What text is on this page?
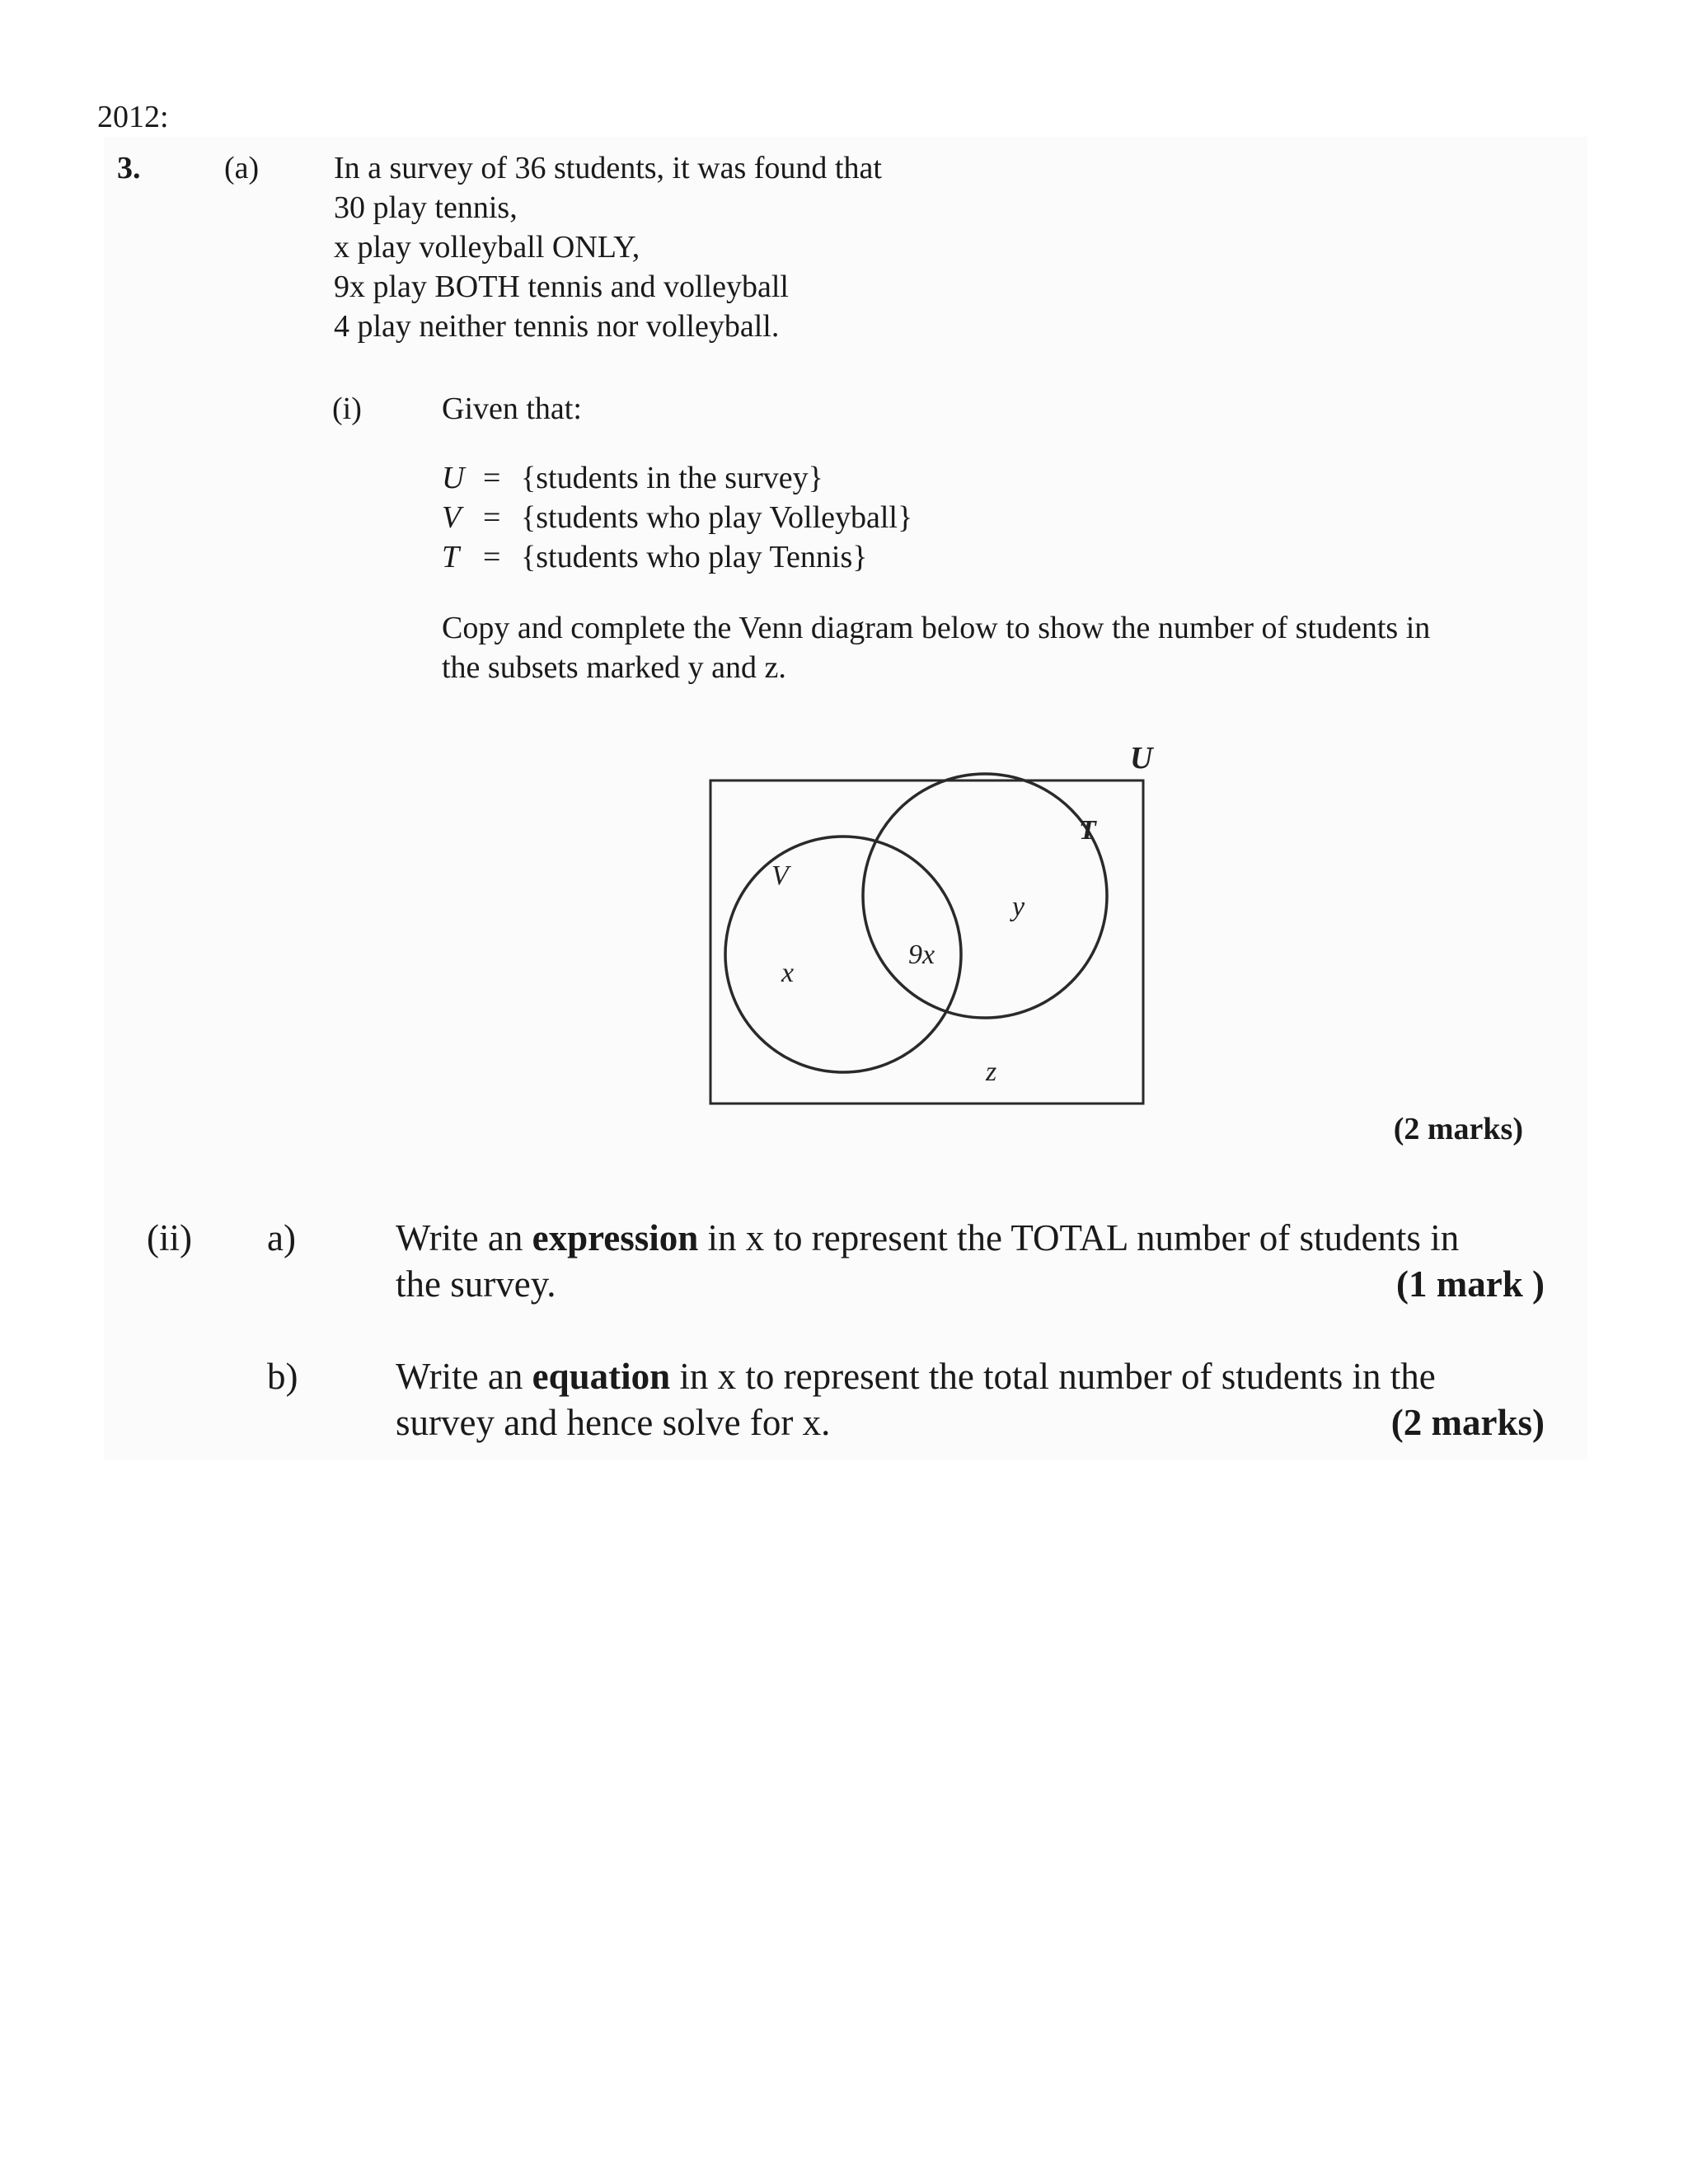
2012:
3.	(a) In a survey of 36 students, it was found that
30 play tennis,
x play volleyball ONLY,
9x play BOTH tennis and volleyball
4 play neither tennis nor volleyball.
(i)	Given that:
U = {students in the survey}
V = {students who play Volleyball}
T = {students who play Tennis}
Copy and complete the Venn diagram below to show the number of students in
the subsets marked y and z.
U
V
T
x
9x
y
z
(2 marks)
(ii) a)	Write an expression in x to represent the TOTAL number of students in
the survey.	(1 mark )
b)	Write an equation in x to represent the total number of students in the
survey and hence solve for x.	(2 marks)
